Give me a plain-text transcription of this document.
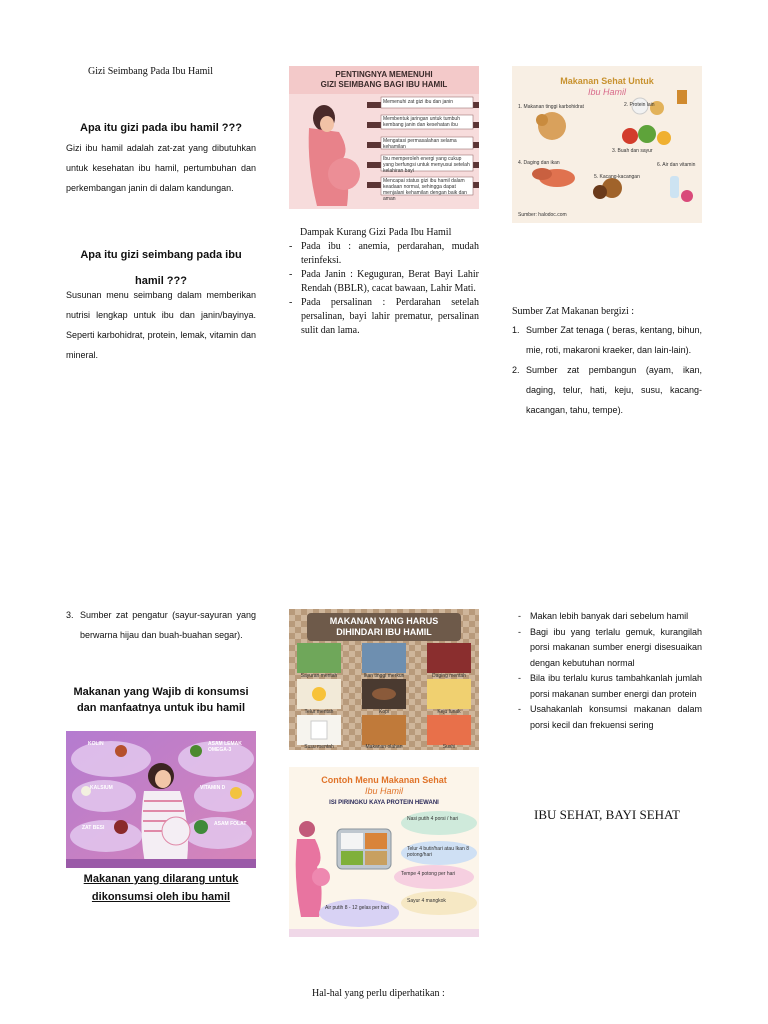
Gizi Seimbang Pada Ibu Hamil
Apa itu gizi pada ibu hamil ???
Gizi ibu hamil adalah zat-zat yang dibutuhkan untuk kesehatan ibu hamil, pertumbuhan dan perkembangan janin di dalam kandungan.
Apa itu gizi seimbang pada ibu hamil ???
Susunan menu seimbang dalam memberikan nutrisi lengkap untuk ibu dan janin/bayinya. Seperti karbohidrat, protein, lemak, vitamin dan mineral.
PENTINGNYA MEMENUHI
GIZI SEIMBANG BAGI IBU HAMIL
Memenuhi zat gizi ibu dan janin
Membentuk jaringan untuk tumbuh kembang janin dan kesehatan ibu
Mengatasi permasalahan selama kehamilan
Ibu memperoleh energi yang cukup yang berfungsi untuk menyusui setelah kelahiran bayi
Mencapai status gizi ibu hamil dalam keadaan normal, sehingga dapat menjalani kehamilan dengan baik dan aman
Dampak Kurang Gizi Pada Ibu Hamil
- Pada ibu : anemia, perdarahan, mudah terinfeksi.
- Pada Janin : Keguguran, Berat Bayi Lahir Rendah (BBLR), cacat bawaan, Lahir Mati.
- Pada persalinan : Perdarahan setelah persalinan, bayi lahir prematur, persalinan sulit dan lama.
Makanan Sehat Untuk
Ibu Hamil
1. Makanan tinggi karbohidrat	2. Protein lain
3. Buah dan sayur
4. Daging dan ikan
5. Kacang-kacangan
6. Air dan vitamin
Sumber: halodoc.com
Sumber Zat Makanan bergizi :
1. Sumber Zat tenaga ( beras, kentang, bihun, mie, roti, makaroni kraeker, dan lain-lain).
2. Sumber zat pembangun (ayam, ikan, daging, telur, hati, keju, susu, kacang-kacangan, tahu, tempe).
3. Sumber zat pengatur (sayur-sayuran yang berwarna hijau dan buah-buahan segar).
Makanan yang Wajib di konsumsi dan manfaatnya untuk ibu hamil
KOLIN	ASAM LEMAK OMEGA-3
KALSIUM	VITAMIN D
ZAT BESI
ASAM FOLAT
Makanan yang dilarang untuk dikonsumsi oleh ibu hamil
MAKANAN YANG HARUS
DIHINDARI IBU HAMIL
Sayuran mentah	Ikan tinggi merkuri	Daging mentah
Telur mentah	Kopi	Keju lunak
Susu mentah	Makanan olahan	Sushi
Contoh Menu Makanan Sehat
Ibu Hamil
ISI PIRINGKU KAYA PROTEIN HEWANI
Nasi putih 4 porsi / hari
Telur 4 butir/hari atau Ikan 8 potong/hari
Tempe 4 potong per hari
Sayur 4 mangkok
Air putih 8 - 12 gelas per hari
Hal-hal yang perlu diperhatikan :
- Makan lebih banyak dari sebelum hamil
- Bagi ibu yang terlalu gemuk, kurangilah porsi makanan sumber energi disesuaikan dengan kebutuhan normal
- Bila ibu terlalu kurus tambahkanlah jumlah porsi makanan sumber energi dan protein
- Usahakanlah konsumsi makanan dalam porsi kecil dan frekuensi sering
IBU SEHAT, BAYI SEHAT
